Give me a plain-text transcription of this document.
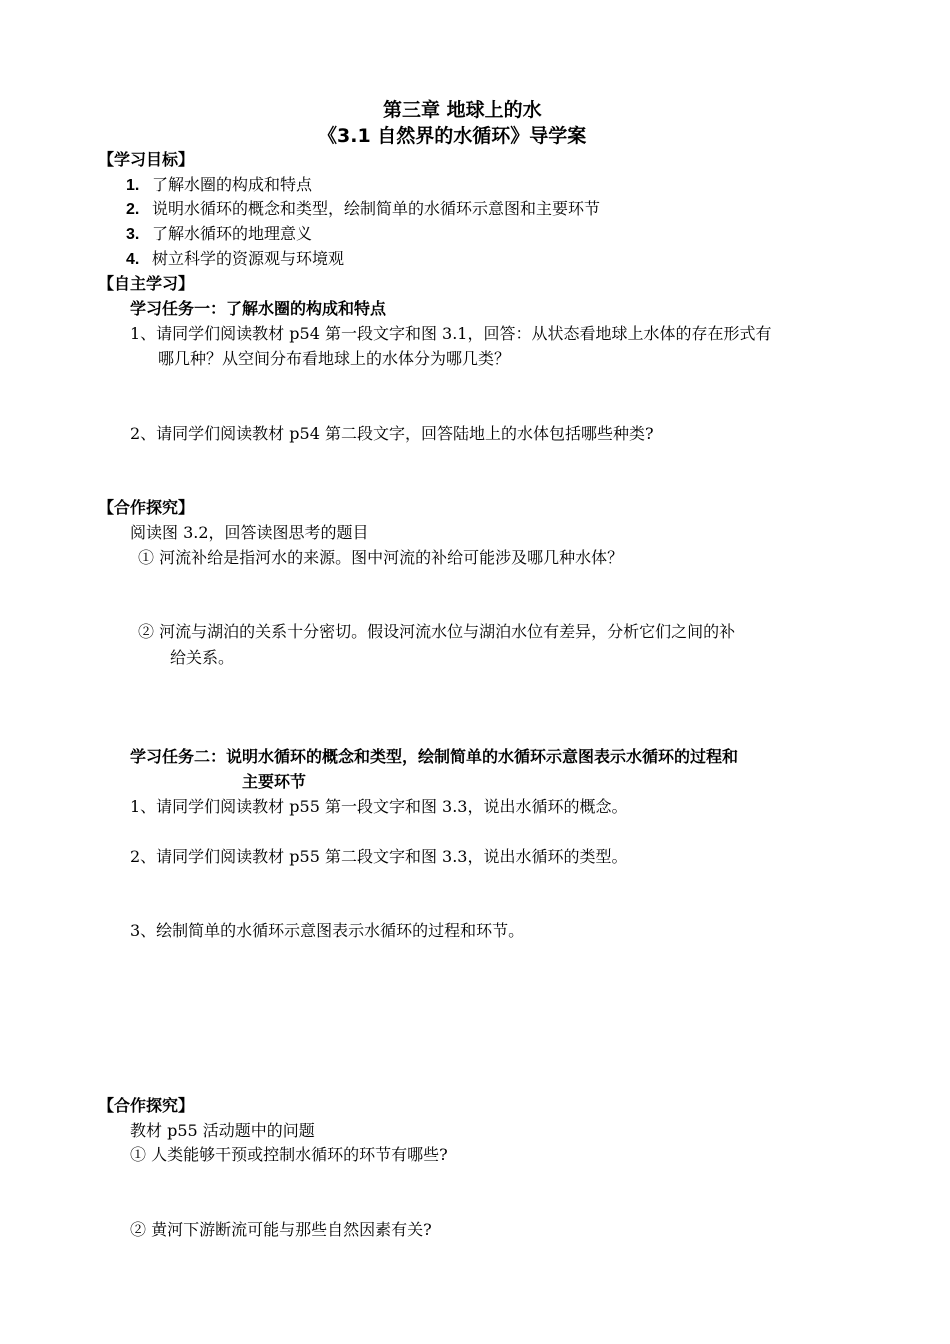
第三章 地球上的水
《3.1 自然界的水循环》导学案
【学习目标】
1. 了解水圈的构成和特点
2. 说明水循环的概念和类型，绘制简单的水循环示意图和主要环节
3. 了解水循环的地理意义
4. 树立科学的资源观与环境观
【自主学习】
学习任务一：了解水圈的构成和特点
1、请同学们阅读教材 p54 第一段文字和图 3.1，回答：从状态看地球上水体的存在形式有
哪几种？从空间分布看地球上的水体分为哪几类？
2、请同学们阅读教材 p54 第二段文字，回答陆地上的水体包括哪些种类?
【合作探究】
阅读图 3.2，回答读图思考的题目
① 河流补给是指河水的来源。图中河流的补给可能涉及哪几种水体？
② 河流与湖泊的关系十分密切。假设河流水位与湖泊水位有差异，分析它们之间的补
给关系。
学习任务二：说明水循环的概念和类型，绘制简单的水循环示意图表示水循环的过程和
主要环节
1、请同学们阅读教材 p55 第一段文字和图 3.3，说出水循环的概念。
2、请同学们阅读教材 p55 第二段文字和图 3.3，说出水循环的类型。
3、绘制简单的水循环示意图表示水循环的过程和环节。
【合作探究】
教材 p55 活动题中的问题
① 人类能够干预或控制水循环的环节有哪些?
② 黄河下游断流可能与那些自然因素有关?
